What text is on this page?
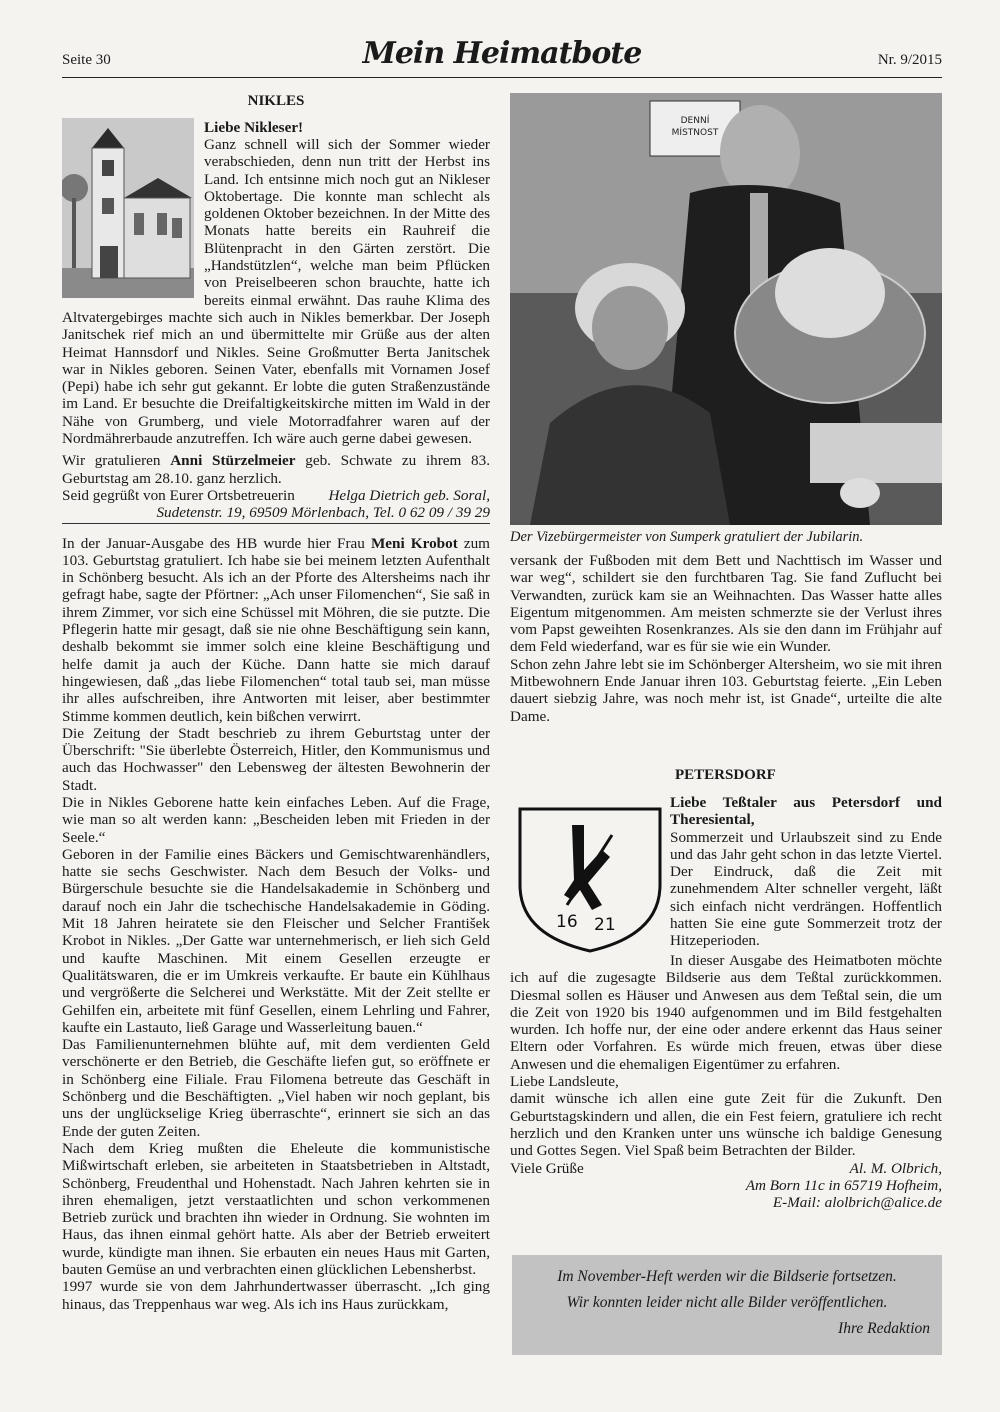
Seite 30	Mein Heimatbote	Nr. 9/2015

NIKLES

Liebe Nikleser!

Ganz schnell will sich der Sommer wieder verabschieden, denn nun tritt der Herbst ins Land. Ich entsinne mich noch gut an Nikleser Oktobertage. Die konnte man schlecht als goldenen Oktober bezeichnen. In der Mitte des Monats hatte bereits ein Rauhreif die Blütenpracht in den Gärten zerstört. Die „Handstützlen“, welche man beim Pflücken von Preiselbeeren schon brauchte, hatte ich bereits einmal erwähnt. Das rauhe Klima des Altvatergebirges machte sich auch in Nikles bemerkbar. Der Joseph Janitschek rief mich an und übermittelte mir Grüße aus der alten Heimat Hannsdorf und Nikles. Seine Großmutter Berta Janitschek war in Nikles geboren. Seinen Vater, ebenfalls mit Vornamen Josef (Pepi) habe ich sehr gut gekannt. Er lobte die guten Straßenzustände im Land. Er besuchte die Dreifaltigkeitskirche mitten im Wald in der Nähe von Grumberg, und viele Motorradfahrer waren auf der Nordmährerbaude anzutreffen. Ich wäre auch gerne dabei gewesen.

Wir gratulieren Anni Stürzelmeier geb. Schwate zu ihrem 83. Geburtstag am 28.10. ganz herzlich.

Seid gegrüßt von Eurer Ortsbetreuerin Helga Dietrich geb. Soral,

Sudetenstr. 19, 69509 Mörlenbach, Tel. 0 62 09 / 39 29

In der Januar-Ausgabe des HB wurde hier Frau Meni Krobot zum 103. Geburtstag gratuliert. Ich habe sie bei meinem letzten Aufenthalt in Schönberg besucht. Als ich an der Pforte des Altersheims nach ihr gefragt habe, sagte der Pförtner: „Ach unser Filomenchen“, Sie saß in ihrem Zimmer, vor sich eine Schüssel mit Möhren, die sie putzte. Die Pflegerin hatte mir gesagt, daß sie nie ohne Beschäftigung sein kann, deshalb bekommt sie immer solch eine kleine Beschäftigung und helfe damit ja auch der Küche. Dann hatte sie mich darauf hingewiesen, daß „das liebe Filomenchen“ total taub sei, man müsse ihr alles aufschreiben, ihre Antworten mit leiser, aber bestimmter Stimme kommen deutlich, kein bißchen verwirrt.

Die Zeitung der Stadt beschrieb zu ihrem Geburtstag unter der Überschrift: "Sie überlebte Österreich, Hitler, den Kommunismus und auch das Hochwasser" den Lebensweg der ältesten Bewohnerin der Stadt.

Die in Nikles Geborene hatte kein einfaches Leben. Auf die Frage, wie man so alt werden kann: „Bescheiden leben mit Frieden in der Seele.“

Geboren in der Familie eines Bäckers und Gemischtwarenhändlers, hatte sie sechs Geschwister. Nach dem Besuch der Volks- und Bürgerschule besuchte sie die Handelsakademie in Schönberg und darauf noch ein Jahr die tschechische Handelsakademie in Göding. Mit 18 Jahren heiratete sie den Fleischer und Selcher František Krobot in Nikles. „Der Gatte war unternehmerisch, er lieh sich Geld und kaufte Maschinen. Mit einem Gesellen erzeugte er Qualitätswaren, die er im Umkreis verkaufte. Er baute ein Kühlhaus und vergrößerte die Selcherei und Werkstätte. Mit der Zeit stellte er Gehilfen ein, arbeitete mit fünf Gesellen, einem Lehrling und Fahrer, kaufte ein Lastauto, ließ Garage und Wasserleitung bauen.“

Das Familienunternehmen blühte auf, mit dem verdienten Geld verschönerte er den Betrieb, die Geschäfte liefen gut, so eröffnete er in Schönberg eine Filiale. Frau Filomena betreute das Geschäft in Schönberg und die Beschäftigten. „Viel haben wir noch geplant, bis uns der unglückselige Krieg überraschte“, erinnert sie sich an das Ende der guten Zeiten.

Nach dem Krieg mußten die Eheleute die kommunistische Mißwirtschaft erleben, sie arbeiteten in Staatsbetrieben in Altstadt, Schönberg, Freudenthal und Hohenstadt. Nach Jahren kehrten sie in ihren ehemaligen, jetzt verstaatlichten und schon verkommenen Betrieb zurück und brachten ihn wieder in Ordnung. Sie wohnten im Haus, das ihnen einmal gehört hatte. Als aber der Betrieb erweitert wurde, kündigte man ihnen. Sie erbauten ein neues Haus mit Garten, bauten Gemüse an und verbrachten einen glücklichen Lebensherbst.

1997 wurde sie von dem Jahrhundertwasser überrascht. „Ich ging hinaus, das Treppenhaus war weg. Als ich ins Haus zurückkam,

DENNÍ
MÍSTNOST
Der Vizebürgermeister von Sumperk gratuliert der Jubilarin.

versank der Fußboden mit dem Bett und Nachttisch im Wasser und war weg“, schildert sie den furchtbaren Tag. Sie fand Zuflucht bei Verwandten, zurück kam sie an Weihnachten. Das Wasser hatte alles Eigentum mitgenommen. Am meisten schmerzte sie der Verlust ihres vom Papst geweihten Rosenkranzes. Als sie den dann im Frühjahr auf dem Feld wiederfand, war es für sie wie ein Wunder.

Schon zehn Jahre lebt sie im Schönberger Altersheim, wo sie mit ihren Mitbewohnern Ende Januar ihren 103. Geburtstag feierte. „Ein Leben dauert siebzig Jahre, was noch mehr ist, ist Gnade“, urteilte die alte Dame.

PETERSDORF

16 21

Liebe Teßtaler aus Petersdorf und Theresiental,

Sommerzeit und Urlaubszeit sind zu Ende und das Jahr geht schon in das letzte Viertel. Der Eindruck, daß die Zeit mit zunehmendem Alter schneller vergeht, läßt sich einfach nicht verdrängen. Hoffentlich hatten Sie eine gute Sommerzeit trotz der Hitzeperioden.

In dieser Ausgabe des Heimatboten möchte ich auf die zugesagte Bildserie aus dem Teßtal zurückkommen. Diesmal sollen es Häuser und Anwesen aus dem Teßtal sein, die um die Zeit von 1920 bis 1940 aufgenommen und im Bild festgehalten wurden. Ich hoffe nur, der eine oder andere erkennt das Haus seiner Eltern oder Vorfahren. Es würde mich freuen, etwas über diese Anwesen und die ehemaligen Eigentümer zu erfahren.

Liebe Landsleute,

damit wünsche ich allen eine gute Zeit für die Zukunft. Den Geburtstagskindern und allen, die ein Fest feiern, gratuliere ich recht herzlich und den Kranken unter uns wünsche ich baldige Genesung und Gottes Segen. Viel Spaß beim Betrachten der Bilder.

Viele Grüße	Al. M. Olbrich,

Am Born 11c in 65719 Hofheim,

E-Mail: alolbrich@alice.de

Im November-Heft werden wir die Bildserie fortsetzen.
Wir konnten leider nicht alle Bilder veröffentlichen.
Ihre Redaktion
